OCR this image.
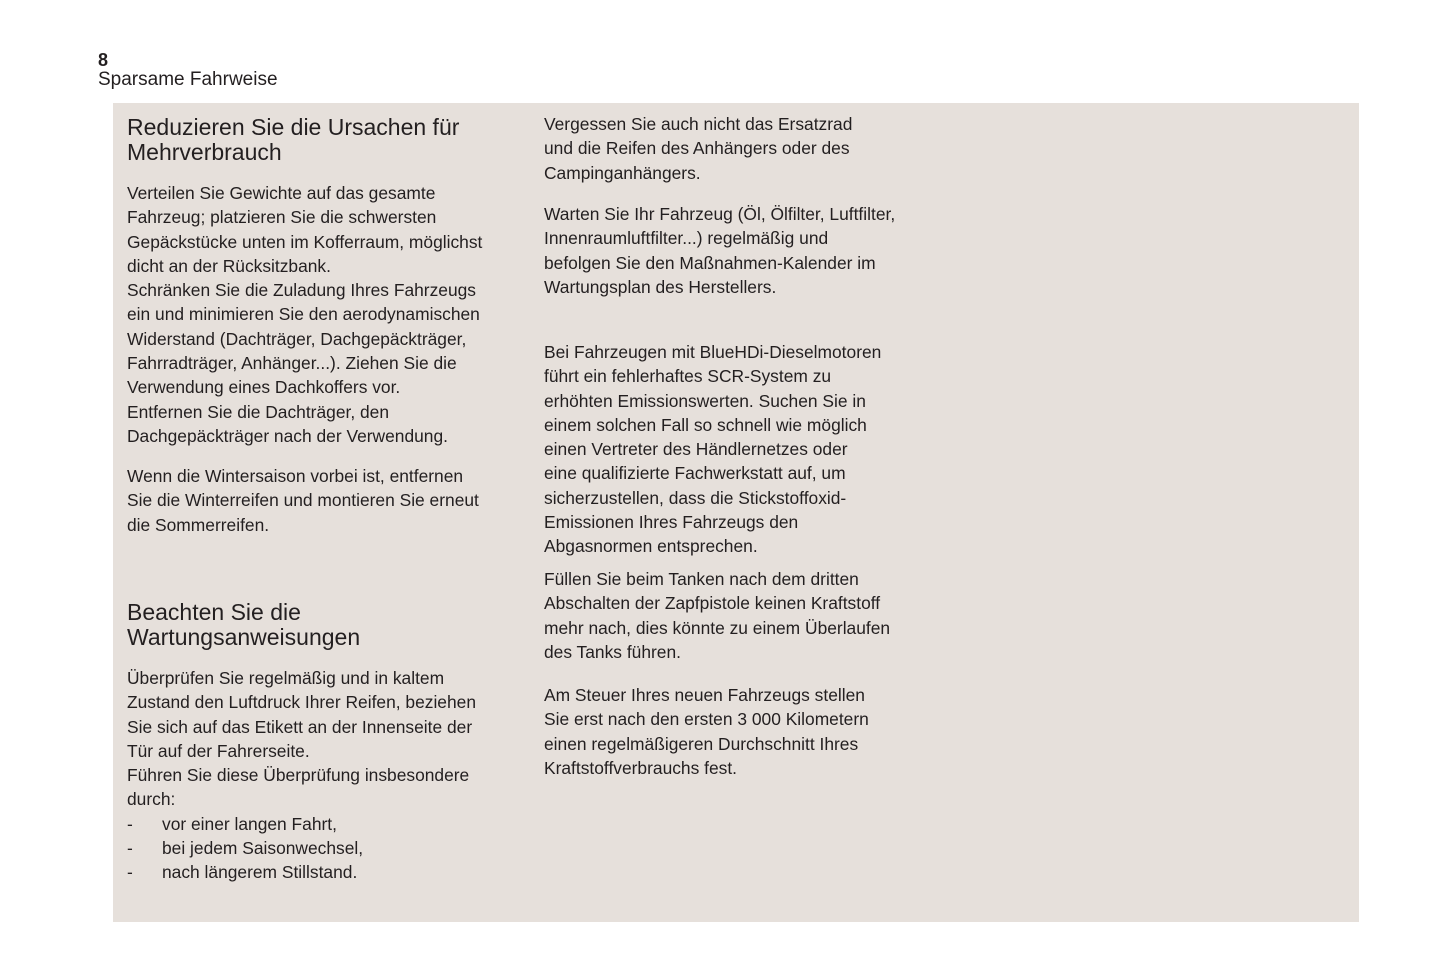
8
Sparsame Fahrweise
Reduzieren Sie die Ursachen für
Mehrverbrauch

Verteilen Sie Gewichte auf das gesamte
Fahrzeug; platzieren Sie die schwersten
Gepäckstücke unten im Kofferraum, möglichst
dicht an der Rücksitzbank.
Schränken Sie die Zuladung Ihres Fahrzeugs
ein und minimieren Sie den aerodynamischen
Widerstand (Dachträger, Dachgepäckträger,
Fahrradträger, Anhänger...). Ziehen Sie die
Verwendung eines Dachkoffers vor.
Entfernen Sie die Dachträger, den
Dachgepäckträger nach der Verwendung.

Wenn die Wintersaison vorbei ist, entfernen
Sie die Winterreifen und montieren Sie erneut
die Sommerreifen.

Beachten Sie die
Wartungsanweisungen

Überprüfen Sie regelmäßig und in kaltem
Zustand den Luftdruck Ihrer Reifen, beziehen
Sie sich auf das Etikett an der Innenseite der
Tür auf der Fahrerseite.
Führen Sie diese Überprüfung insbesondere
durch:

- vor einer langen Fahrt,
- bei jedem Saisonwechsel,
- nach längerem Stillstand.

Vergessen Sie auch nicht das Ersatzrad
und die Reifen des Anhängers oder des
Campinganhängers.

Warten Sie Ihr Fahrzeug (Öl, Ölfilter, Luftfilter,
Innenraumluftfilter...) regelmäßig und
befolgen Sie den Maßnahmen-Kalender im
Wartungsplan des Herstellers.

Bei Fahrzeugen mit BlueHDi-Dieselmotoren
führt ein fehlerhaftes SCR-System zu
erhöhten Emissionswerten. Suchen Sie in
einem solchen Fall so schnell wie möglich
einen Vertreter des Händlernetzes oder
eine qualifizierte Fachwerkstatt auf, um
sicherzustellen, dass die Stickstoffoxid-
Emissionen Ihres Fahrzeugs den
Abgasnormen entsprechen.

Füllen Sie beim Tanken nach dem dritten
Abschalten der Zapfpistole keinen Kraftstoff
mehr nach, dies könnte zu einem Überlaufen
des Tanks führen.

Am Steuer Ihres neuen Fahrzeugs stellen
Sie erst nach den ersten 3 000 Kilometern
einen regelmäßigeren Durchschnitt Ihres
Kraftstoffverbrauchs fest.
